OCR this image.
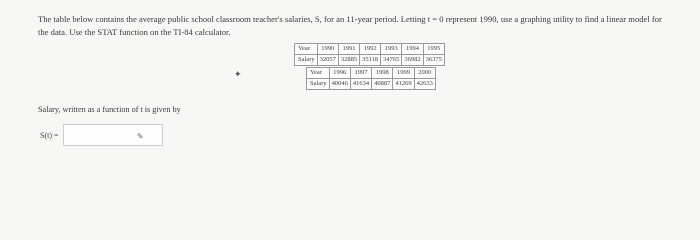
The table below contains the average public school classroom teacher's salaries, S, for an 11-year period. Letting t = 0 represent 1990, use a graphing utility to find a linear model for

the data. Use the STAT function on the TI-84 calculator.

Year	1990	1991	1992	1993	1994	1995
Salary	32057	32885	35118	34765	36982	36375
Year	1996	1997	1998	1999	2000
Salary	40046	41634	40887	41269	42633
✦
Salary, written as a function of t is given by
S(t) =	✎
